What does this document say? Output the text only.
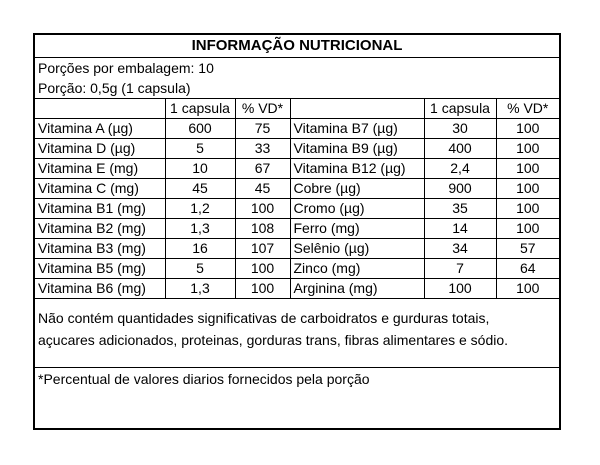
INFORMAÇÃO NUTRICIONAL
Porções por embalagem: 10
Porção: 0,5g (1 capsula)
	1 capsula	% VD*		1 capsula	% VD*
Vitamina A (µg)	600	75	Vitamina B7 (µg)	30	100
Vitamina D (µg)	5	33	Vitamina B9 (µg)	400	100
Vitamina E (mg)	10	67	Vitamina B12 (µg)	2,4	100
Vitamina C (mg)	45	45	Cobre (µg)	900	100
Vitamina B1 (mg)	1,2	100	Cromo (µg)	35	100
Vitamina B2 (mg)	1,3	108	Ferro (mg)	14	100
Vitamina B3 (mg)	16	107	Selênio (µg)	34	57
Vitamina B5 (mg)	5	100	Zinco (mg)	7	64
Vitamina B6 (mg)	1,3	100	Arginina (mg)	100	100
Não contém quantidades significativas de carboidratos e gurduras totais,
açucares adicionados, proteinas, gorduras trans, fibras alimentares e sódio.
*Percentual de valores diarios fornecidos pela porção
